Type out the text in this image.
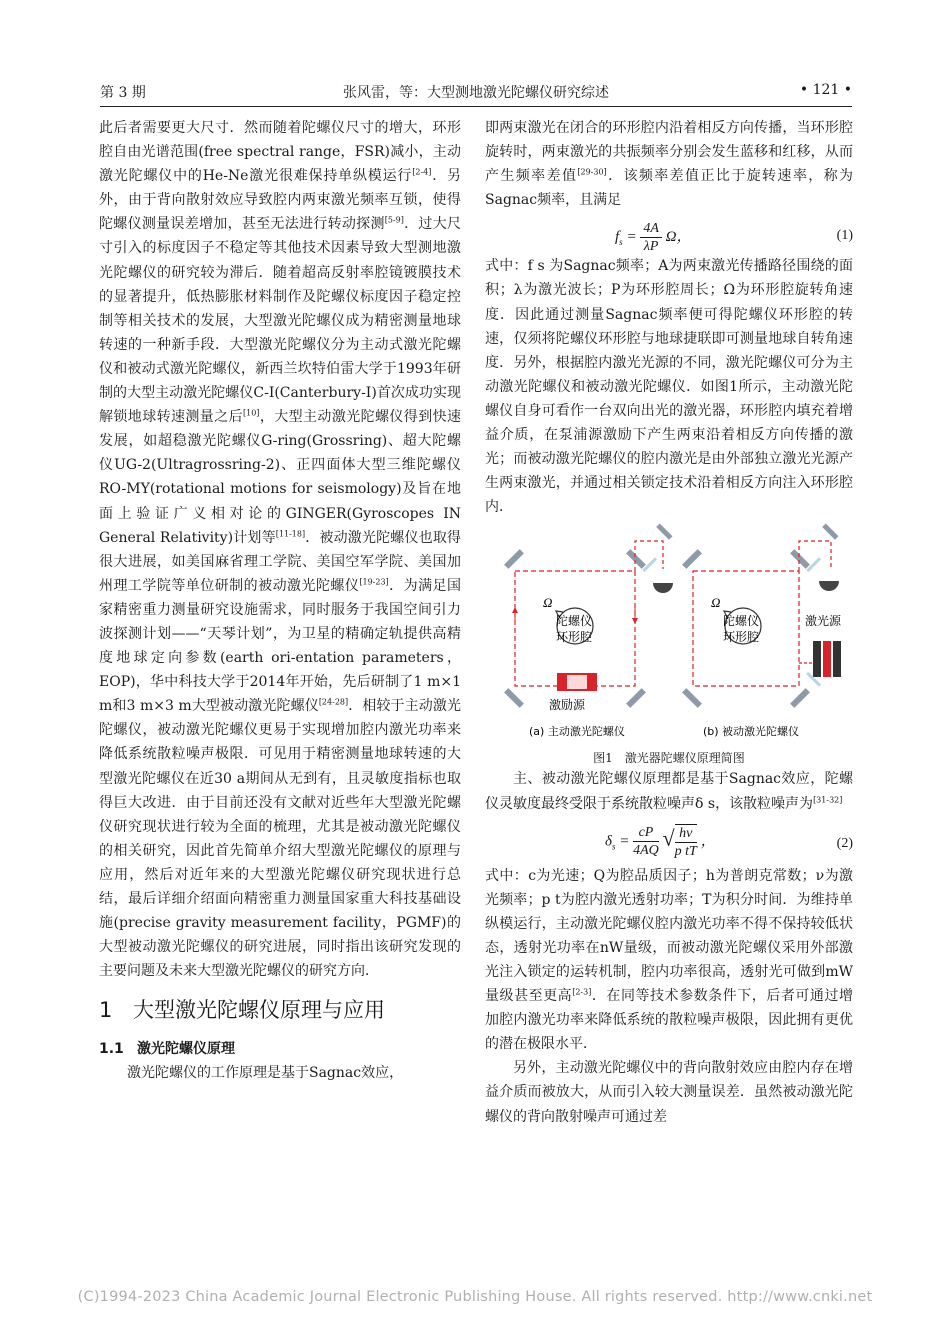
第 3 期	张风雷，等：大型测地激光陀螺仪研究综述	• 121 •

此后者需要更大尺寸．然而随着陀螺仪尺寸的增大，环形腔自由光谱范围(free spectral range，FSR)减小，主动激光陀螺仪中的He-Ne激光很难保持单纵模运行[2-4]．另外，由于背向散射效应导致腔内两束激光频率互锁，使得陀螺仪测量误差增加，甚至无法进行转动探测[5-9]．过大尺寸引入的标度因子不稳定等其他技术因素导致大型测地激光陀螺仪的研究较为滞后．随着超高反射率腔镜镀膜技术的显著提升，低热膨胀材料制作及陀螺仪标度因子稳定控制等相关技术的发展，大型激光陀螺仪成为精密测量地球转速的一种新手段．大型激光陀螺仪分为主动式激光陀螺仪和被动式激光陀螺仪，新西兰坎特伯雷大学于1993年研制的大型主动激光陀螺仪C-I(Canterbury-I)首次成功实现解锁地球转速测量之后[10]，大型主动激光陀螺仪得到快速发展，如超稳激光陀螺仪G-ring(Grossring)、超大陀螺仪UG-2(Ultragrossring-2)、正四面体大型三维陀螺仪RO-MY(rotational motions for seismology)及旨在地面上验证广义相对论的GINGER(Gyroscopes IN General Relativity)计划等[11-18]．被动激光陀螺仪也取得很大进展，如美国麻省理工学院、美国空军学院、美国加州理工学院等单位研制的被动激光陀螺仪[19-23]．为满足国家精密重力测量研究设施需求，同时服务于我国空间引力波探测计划——“天琴计划”，为卫星的精确定轨提供高精度地球定向参数(earth ori-entation parameters，EOP)，华中科技大学于2014年开始，先后研制了1 m×1 m和3 m×3 m大型被动激光陀螺仪[24-28]．相较于主动激光陀螺仪，被动激光陀螺仪更易于实现增加腔内激光功率来降低系统散粒噪声极限．可见用于精密测量地球转速的大型激光陀螺仪在近30 a期间从无到有，且灵敏度指标也取得巨大改进．由于目前还没有文献对近些年大型激光陀螺仪研究现状进行较为全面的梳理，尤其是被动激光陀螺仪的相关研究，因此首先简单介绍大型激光陀螺仪的原理与应用，然后对近年来的大型激光陀螺仪研究现状进行总结，最后详细介绍面向精密重力测量国家重大科技基础设施(precise gravity measurement facility，PGMF)的大型被动激光陀螺仪的研究进展，同时指出该研究发现的主要问题及未来大型激光陀螺仪的研究方向．

1 大型激光陀螺仪原理与应用
1.1 激光陀螺仪原理

激光陀螺仪的工作原理是基于Sagnac效应，

即两束激光在闭合的环形腔内沿着相反方向传播，当环形腔旋转时，两束激光的共振频率分别会发生蓝移和红移，从而产生频率差值[29-30]．该频率差值正比于旋转速率，称为Sagnac频率，且满足

$f_s = \frac{4A}{\lambda P}$ Ω，	(1)

式中：f s 为Sagnac频率；A为两束激光传播路径围绕的面积；λ为激光波长；P为环形腔周长；Ω为环形腔旋转角速度．因此通过测量Sagnac频率便可得陀螺仪环形腔的转速，仅须将陀螺仪环形腔与地球捷联即可测量地球自转角速度．另外，根据腔内激光光源的不同，激光陀螺仪可分为主动激光陀螺仪和被动激光陀螺仪．如图1所示，主动激光陀螺仪自身可看作一台双向出光的激光器，环形腔内填充着增益介质，在泵浦源激励下产生两束沿着相反方向传播的激光；而被动激光陀螺仪的腔内激光是由外部独立激光光源产生两束激光，并通过相关锁定技术沿着相反方向注入环形腔内．

Ω
陀螺仪
环形腔
激励源
Ω
陀螺仪
环形腔
激光源
(a) 主动激光陀螺仪	(b) 被动激光陀螺仪
图1　激光器陀螺仪原理简图

主、被动激光陀螺仪原理都是基于Sagnac效应，陀螺仪灵敏度最终受限于系统散粒噪声δ s，该散粒噪声为[31-32]

$\delta_s = \frac{cP}{4AQ}$ √ $\frac{h\nu}{\text{p tT}}$ ，	(2)

式中：c为光速；Q为腔品质因子；h为普朗克常数；ν为激光频率；p t为腔内激光透射功率；T为积分时间．为维持单纵模运行，主动激光陀螺仪腔内激光功率不得不保持较低状态，透射光功率在nW量级，而被动激光陀螺仪采用外部激光注入锁定的运转机制，腔内功率很高，透射光可做到mW量级甚至更高[2-3]．在同等技术参数条件下，后者可通过增加腔内激光功率来降低系统的散粒噪声极限，因此拥有更优的潜在极限水平．

另外，主动激光陀螺仪中的背向散射效应由腔内存在增益介质而被放大，从而引入较大测量误差．虽然被动激光陀螺仪的背向散射噪声可通过差

(C)1994-2023 China Academic Journal Electronic Publishing House. All rights reserved. http://www.cnki.net
